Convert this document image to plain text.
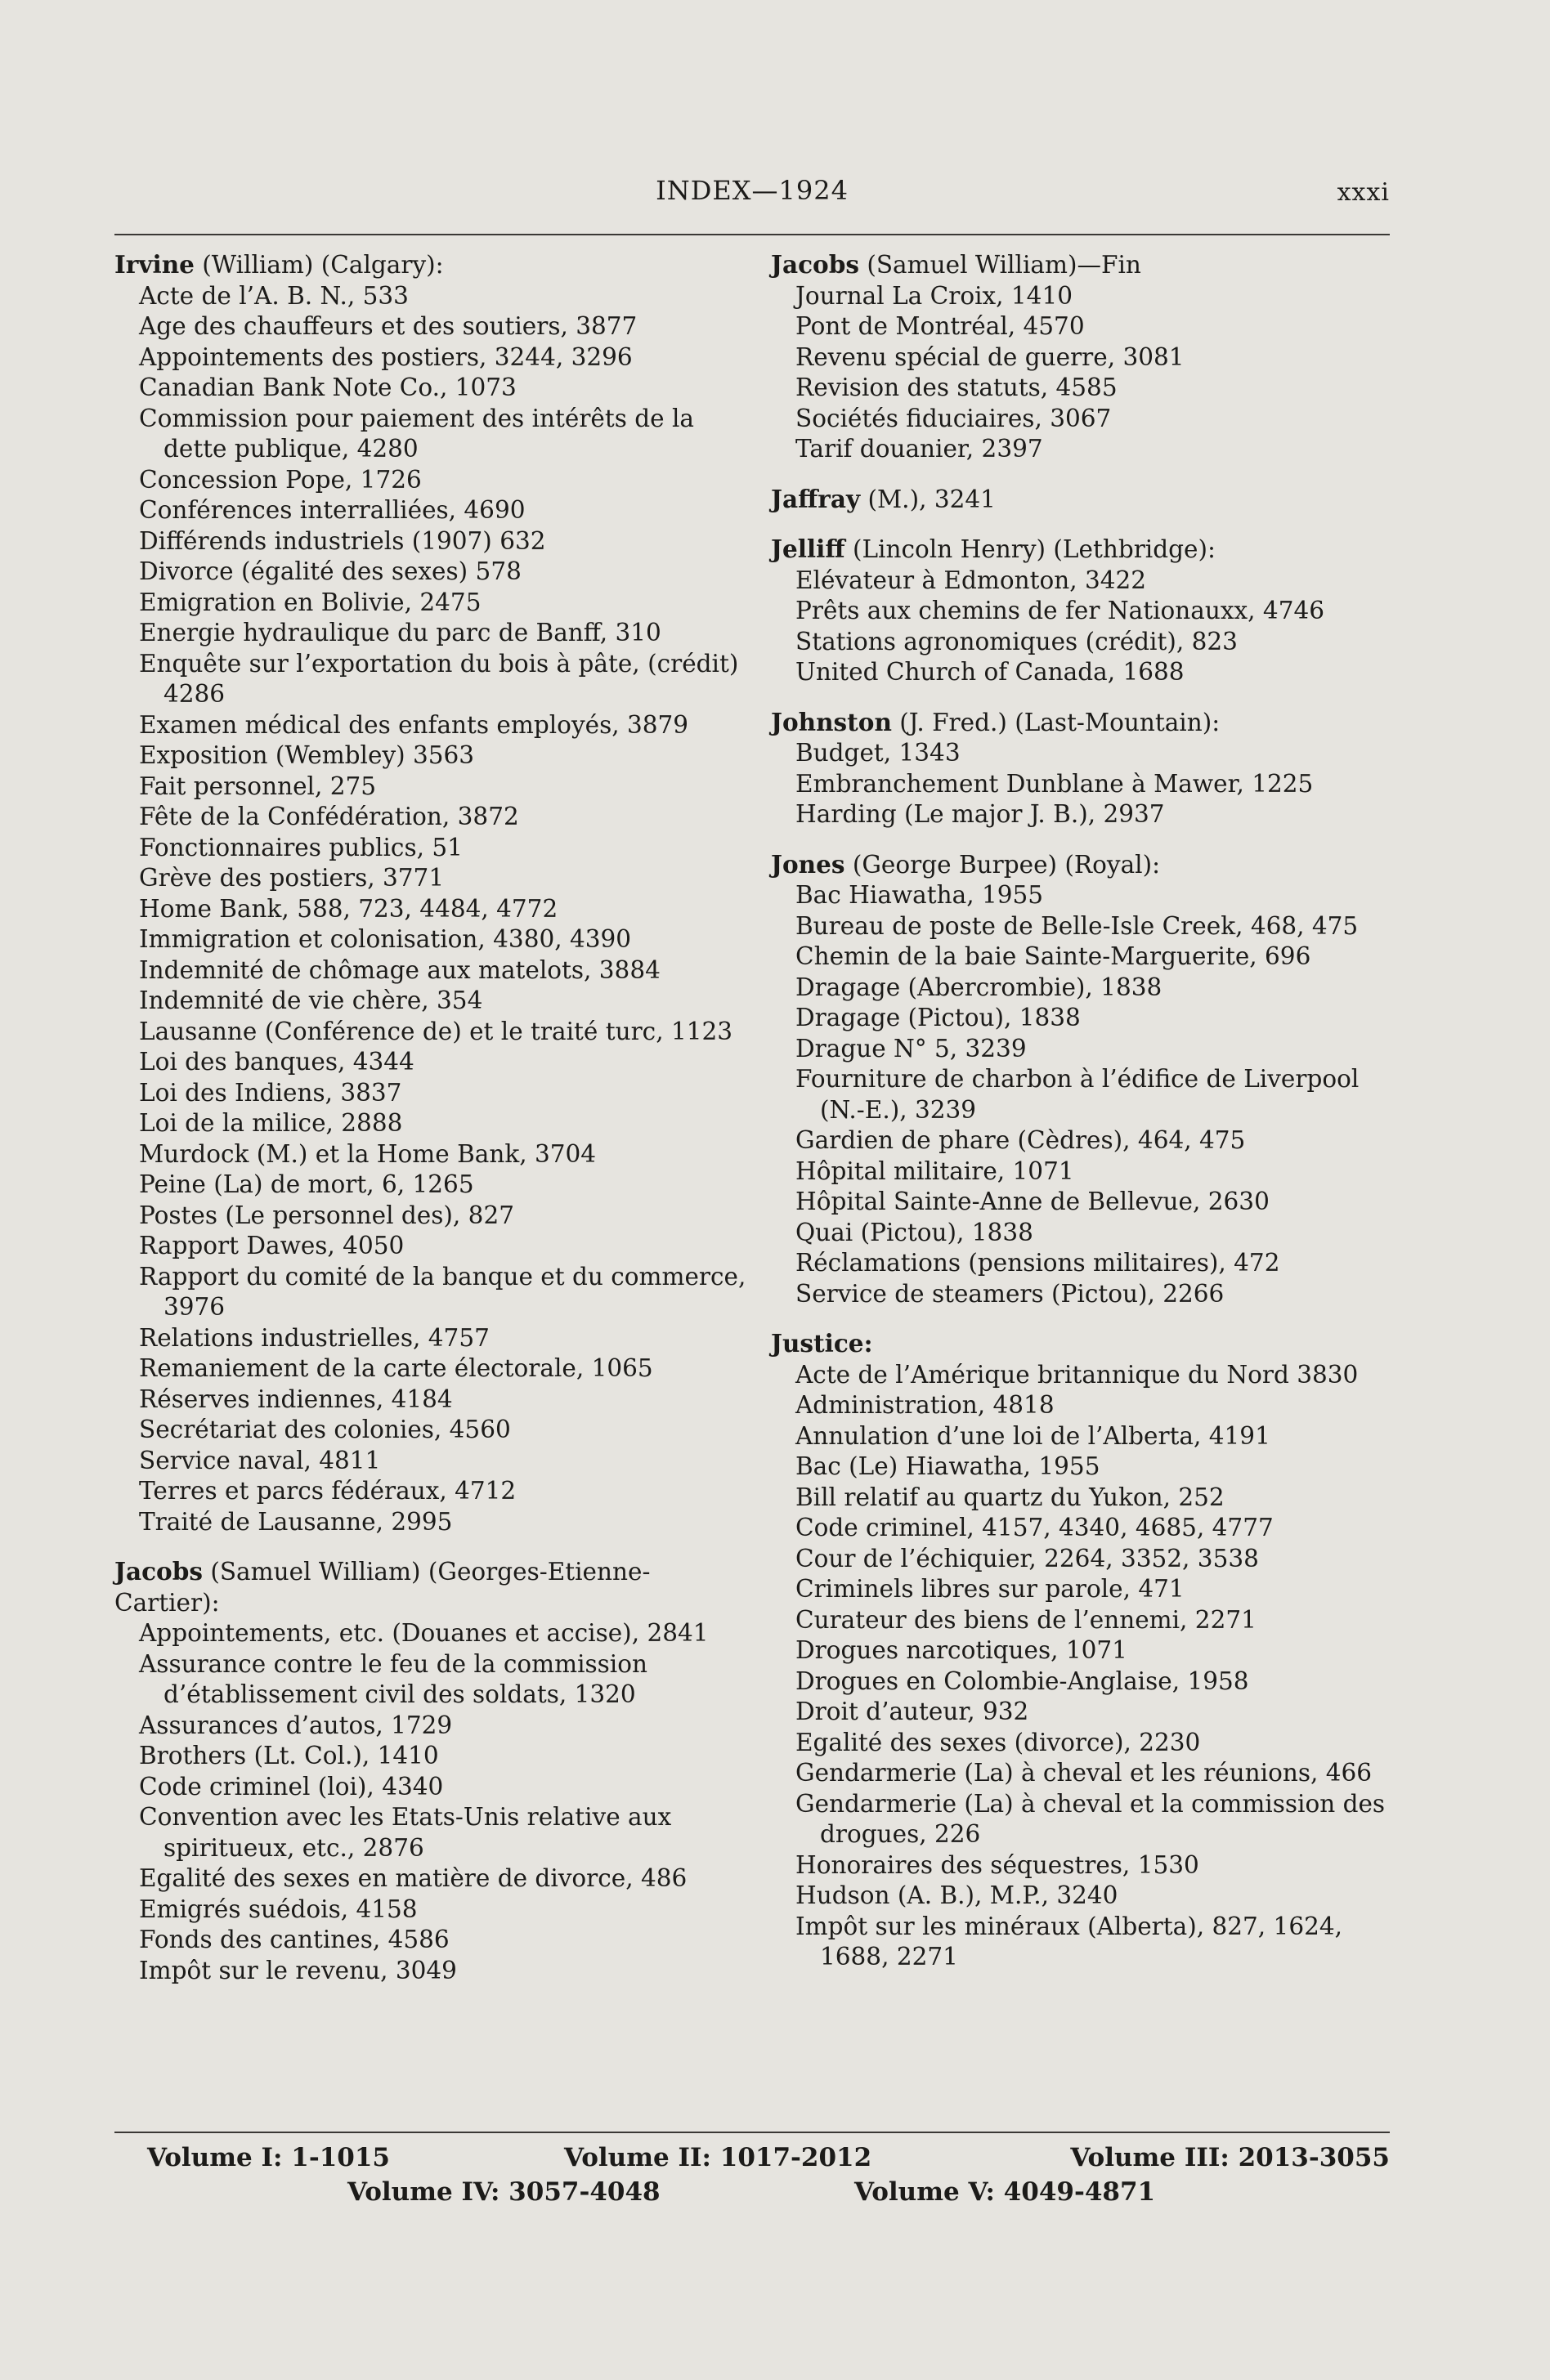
INDEX—1924	xxxi
Irvine (William) (Calgary):
Acte de l’A. B. N., 533
Age des chauffeurs et des soutiers, 3877
Appointements des postiers, 3244, 3296
Canadian Bank Note Co., 1073
Commission pour paiement des intérêts de la dette publique, 4280
Concession Pope, 1726
Conférences interralliées, 4690
Différends industriels (1907) 632
Divorce (égalité des sexes) 578
Emigration en Bolivie, 2475
Energie hydraulique du parc de Banff, 310
Enquête sur l’exportation du bois à pâte, (crédit) 4286
Examen médical des enfants employés, 3879
Exposition (Wembley) 3563
Fait personnel, 275
Fête de la Confédération, 3872
Fonctionnaires publics, 51
Grève des postiers, 3771
Home Bank, 588, 723, 4484, 4772
Immigration et colonisation, 4380, 4390
Indemnité de chômage aux matelots, 3884
Indemnité de vie chère, 354
Lausanne (Conférence de) et le traité turc, 1123
Loi des banques, 4344
Loi des Indiens, 3837
Loi de la milice, 2888
Murdock (M.) et la Home Bank, 3704
Peine (La) de mort, 6, 1265
Postes (Le personnel des), 827
Rapport Dawes, 4050
Rapport du comité de la banque et du commerce, 3976
Relations industrielles, 4757
Remaniement de la carte électorale, 1065
Réserves indiennes, 4184
Secrétariat des colonies, 4560
Service naval, 4811
Terres et parcs fédéraux, 4712
Traité de Lausanne, 2995
Jacobs (Samuel William) (Georges-Etienne-Cartier):
Appointements, etc. (Douanes et accise), 2841
Assurance contre le feu de la commission d’établissement civil des soldats, 1320
Assurances d’autos, 1729
Brothers (Lt. Col.), 1410
Code criminel (loi), 4340
Convention avec les Etats-Unis relative aux spiritueux, etc., 2876
Egalité des sexes en matière de divorce, 486
Emigrés suédois, 4158
Fonds des cantines, 4586
Impôt sur le revenu, 3049
Jacobs (Samuel William)—Fin
Journal La Croix, 1410
Pont de Montréal, 4570
Revenu spécial de guerre, 3081
Revision des statuts, 4585
Sociétés fiduciaires, 3067
Tarif douanier, 2397
Jaffray (M.), 3241
Jelliff (Lincoln Henry) (Lethbridge):
Elévateur à Edmonton, 3422
Prêts aux chemins de fer Nationauxx, 4746
Stations agronomiques (crédit), 823
United Church of Canada, 1688
Johnston (J. Fred.) (Last-Mountain):
Budget, 1343
Embranchement Dunblane à Mawer, 1225
Harding (Le major J. B.), 2937
Jones (George Burpee) (Royal):
Bac Hiawatha, 1955
Bureau de poste de Belle-Isle Creek, 468, 475
Chemin de la baie Sainte-Marguerite, 696
Dragage (Abercrombie), 1838
Dragage (Pictou), 1838
Drague N° 5, 3239
Fourniture de charbon à l’édifice de Liverpool (N.-E.), 3239
Gardien de phare (Cèdres), 464, 475
Hôpital militaire, 1071
Hôpital Sainte-Anne de Bellevue, 2630
Quai (Pictou), 1838
Réclamations (pensions militaires), 472
Service de steamers (Pictou), 2266
Justice:
Acte de l’Amérique britannique du Nord 3830
Administration, 4818
Annulation d’une loi de l’Alberta, 4191
Bac (Le) Hiawatha, 1955
Bill relatif au quartz du Yukon, 252
Code criminel, 4157, 4340, 4685, 4777
Cour de l’échiquier, 2264, 3352, 3538
Criminels libres sur parole, 471
Curateur des biens de l’ennemi, 2271
Drogues narcotiques, 1071
Drogues en Colombie-Anglaise, 1958
Droit d’auteur, 932
Egalité des sexes (divorce), 2230
Gendarmerie (La) à cheval et les réunions, 466
Gendarmerie (La) à cheval et la commission des drogues, 226
Honoraires des séquestres, 1530
Hudson (A. B.), M.P., 3240
Impôt sur les minéraux (Alberta), 827, 1624, 1688, 2271
Volume I: 1-1015	Volume II: 1017-2012	Volume III: 2013-3055
Volume IV: 3057-4048	Volume V: 4049-4871
